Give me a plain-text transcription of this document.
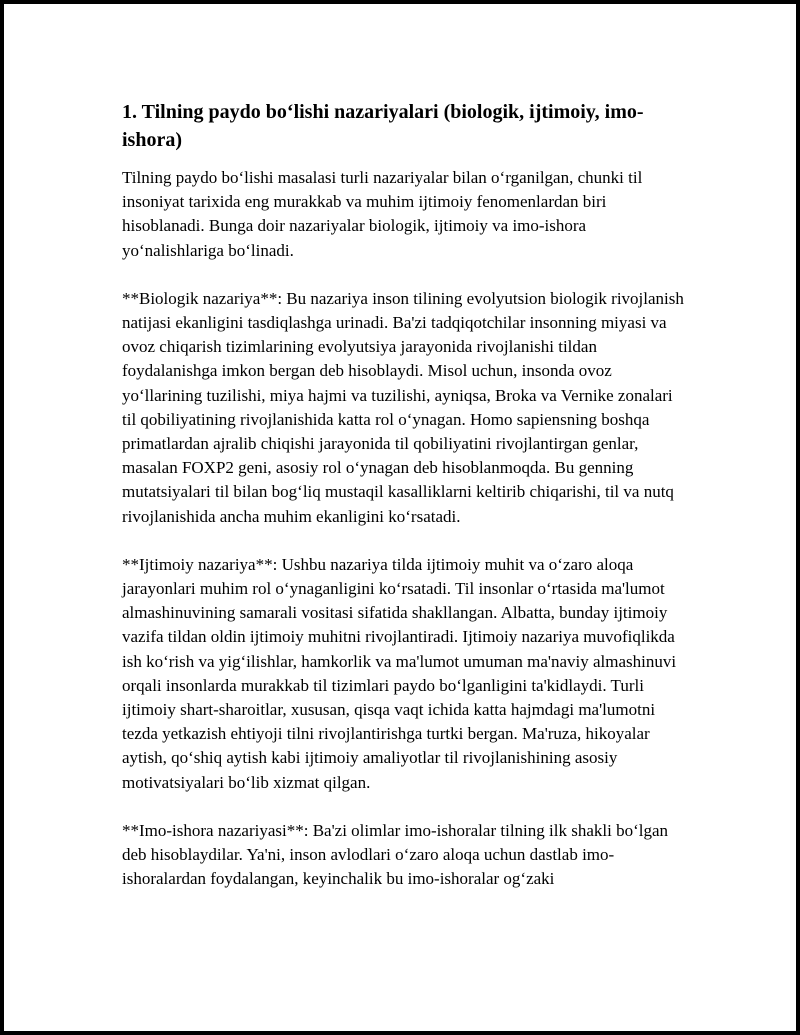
1. Tilning paydo bo‘lishi nazariyalari (biologik, ijtimoiy, imo-ishora)

Tilning paydo bo‘lishi masalasi turli nazariyalar bilan o‘rganilgan, chunki til insoniyat tarixida eng murakkab va muhim ijtimoiy fenomenlardan biri hisoblanadi. Bunga doir nazariyalar biologik, ijtimoiy va imo-ishora yo‘nalishlariga bo‘linadi.

**Biologik nazariya**: Bu nazariya inson tilining evolyutsion biologik rivojlanish natijasi ekanligini tasdiqlashga urinadi. Ba'zi tadqiqotchilar insonning miyasi va ovoz chiqarish tizimlarining evolyutsiya jarayonida rivojlanishi tildan foydalanishga imkon bergan deb hisoblaydi. Misol uchun, insonda ovoz yo‘llarining tuzilishi, miya hajmi va tuzilishi, ayniqsa, Broka va Vernike zonalari til qobiliyatining rivojlanishida katta rol o‘ynagan. Homo sapiensning boshqa primatlardan ajralib chiqishi jarayonida til qobiliyatini rivojlantirgan genlar, masalan FOXP2 geni, asosiy rol o‘ynagan deb hisoblanmoqda. Bu genning mutatsiyalari til bilan bog‘liq mustaqil kasalliklarni keltirib chiqarishi, til va nutq rivojlanishida ancha muhim ekanligini ko‘rsatadi.

**Ijtimoiy nazariya**: Ushbu nazariya tilda ijtimoiy muhit va o‘zaro aloqa jarayonlari muhim rol o‘ynaganligini ko‘rsatadi. Til insonlar o‘rtasida ma'lumot almashinuvining samarali vositasi sifatida shakllangan. Albatta, bunday ijtimoiy vazifa tildan oldin ijtimoiy muhitni rivojlantiradi. Ijtimoiy nazariya muvofiqlikda ish ko‘rish va yig‘ilishlar, hamkorlik va ma'lumot umuman ma'naviy almashinuvi orqali insonlarda murakkab til tizimlari paydo bo‘lganligini ta'kidlaydi. Turli ijtimoiy shart-sharoitlar, xususan, qisqa vaqt ichida katta hajmdagi ma'lumotni tezda yetkazish ehtiyoji tilni rivojlantirishga turtki bergan. Ma'ruza, hikoyalar aytish, qo‘shiq aytish kabi ijtimoiy amaliyotlar til rivojlanishining asosiy motivatsiyalari bo‘lib xizmat qilgan.

**Imo-ishora nazariyasi**: Ba'zi olimlar imo-ishoralar tilning ilk shakli bo‘lgan deb hisoblaydilar. Ya'ni, inson avlodlari o‘zaro aloqa uchun dastlab imo-ishoralardan foydalangan, keyinchalik bu imo-ishoralar og‘zaki
